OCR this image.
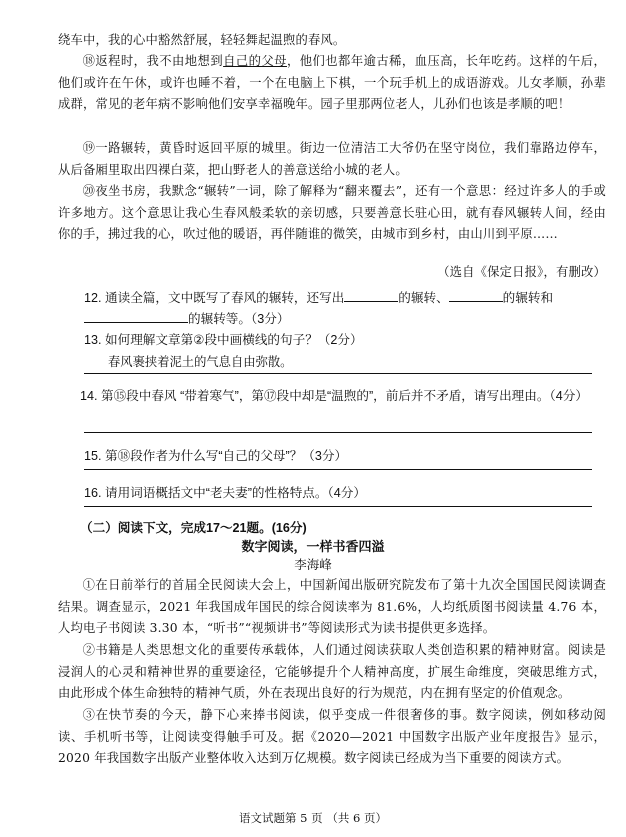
绕车中，我的心中豁然舒展，轻轻舞起温煦的春风。

⑱返程时，我不由地想到自己的父母，他们也都年逾古稀，血压高，长年吃药。这样的午后，他们或许在午休，或许也睡不着，一个在电脑上下棋，一个玩手机上的成语游戏。儿女孝顺，孙辈成群，常见的老年病不影响他们安享幸福晚年。园子里那两位老人，儿孙们也该是孝顺的吧！

⑲一路辗转，黄昏时返回平原的城里。街边一位清洁工大爷仍在坚守岗位，我们靠路边停车，从后备厢里取出四裸白菜，把山野老人的善意送给小城的老人。

⑳夜坐书房，我默念“辗转”一词，除了解释为“翻来覆去”，还有一个意思：经过许多人的手或许多地方。这个意思让我心生春风般柔软的亲切感，只要善意长驻心田，就有春风辗转人间，经由你的手，拂过我的心，吹过他的暖语，再伴随谁的微笑，由城市到乡村，由山川到平原……

（选自《保定日报》，有删改）

12. 通读全篇，文中既写了春风的辗转，还写出	的辗转、	的辗转和
的辗转等。（3分）

13. 如何理解文章第②段中画横线的句子？（2分）

春风裹挟着泥土的气息自由弥散。

14. 第⑮段中春风 “带着寒气”，第⑰段中却是“温煦的”，前后并不矛盾，请写出理由。（4分）

15. 第⑱段作者为什么写“自己的父母”？（3分）

16. 请用词语概括文中“老夫妻”的性格特点。（4分）

（二）阅读下文，完成17～21题。(16分)

数字阅读，一样书香四溢

李海峰

①在日前举行的首届全民阅读大会上，中国新闻出版研究院发布了第十九次全国国民阅读调查结果。调查显示，2021 年我国成年国民的综合阅读率为 81.6%，人均纸质图书阅读量 4.76 本，人均电子书阅读 3.30 本，“听书”“视频讲书”等阅读形式为读书提供更多选择。

②书籍是人类思想文化的重要传承载体，人们通过阅读获取人类创造积累的精神财富。阅读是浸润人的心灵和精神世界的重要途径，它能够提升个人精神高度，扩展生命维度，突破思维方式，由此形成个体生命独特的精神气质，外在表现出良好的行为规范，内在拥有坚定的价值观念。

③在快节奏的今天，静下心来捧书阅读，似乎变成一件很奢侈的事。数字阅读，例如移动阅读、手机听书等，让阅读变得触手可及。据《2020—2021 中国数字出版产业年度报告》显示，2020 年我国数字出版产业整体收入达到万亿规模。数字阅读已经成为当下重要的阅读方式。

语文试题第 5 页 （共 6 页）
